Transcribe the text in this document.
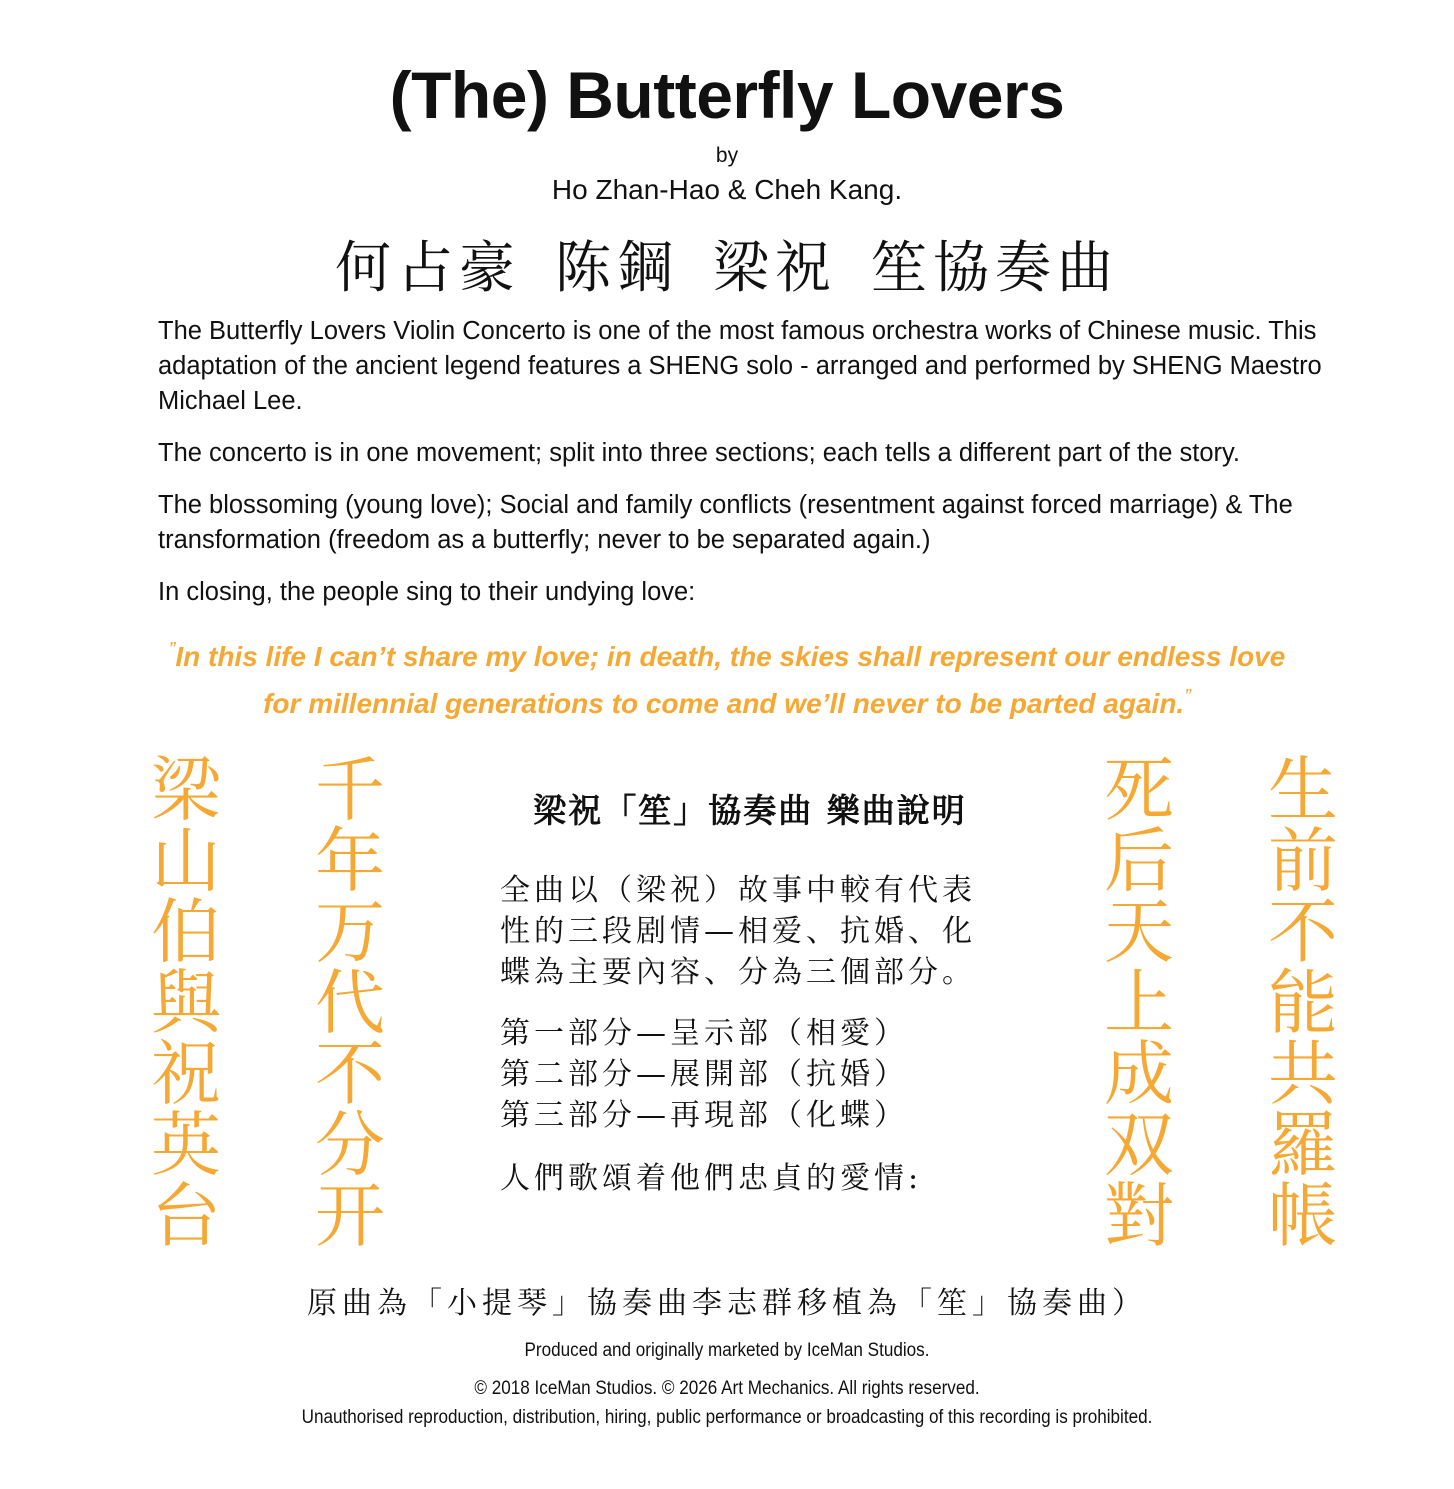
(The) Butterfly Lovers
by
Ho Zhan-Hao & Cheh Kang.
何占豪 陈鋼 梁祝 笙協奏曲

The Butterfly Lovers Violin Concerto is one of the most famous orchestra works of Chinese music. This adaptation of the ancient legend features a SHENG solo - arranged and performed by SHENG Maestro Michael Lee.

The concerto is in one movement; split into three sections; each tells a different part of the story.

The blossoming (young love); Social and family conflicts (resentment against forced marriage) & The transformation (freedom as a butterfly; never to be separated again.)

In closing, the people sing to their undying love:

”In this life I can’t share my love; in death, the skies shall represent our endless love
for millennial generations to come and we’ll never to be parted again.”
梁
山
伯
與
祝
英
台
千
年
万
代
不
分
开
死
后
天
上
成
双
對
生
前
不
能
共
羅
帳
梁祝「笙」協奏曲 樂曲說明
全曲以（梁祝）故事中較有代表
性的三段剧情—相爱、抗婚、化
蝶為主要內容、分為三個部分。
第一部分—呈示部（相愛）
第二部分—展開部（抗婚）
第三部分—再現部（化蝶）
人們歌頌着他們忠貞的愛情:
原曲為「小提琴」協奏曲李志群移植為「笙」協奏曲）
Produced and originally marketed by IceMan Studios.
© 2018 IceMan Studios. © 2026 Art Mechanics. All rights reserved.
Unauthorised reproduction, distribution, hiring, public performance or broadcasting of this recording is prohibited.
